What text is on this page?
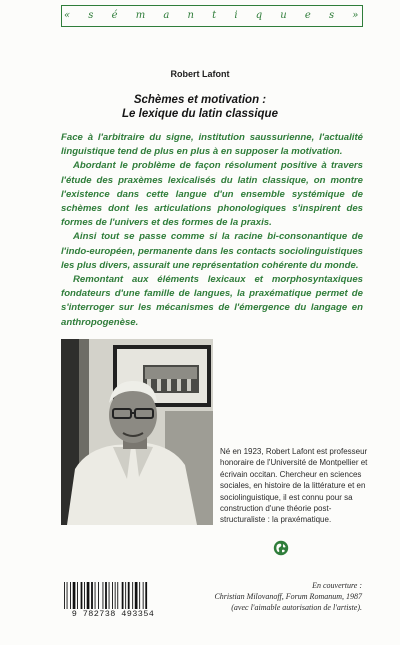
« s é m a n t i q u e s »
Robert Lafont
Schèmes et motivation :
Le lexique du latin classique

Face à l'arbitraire du signe, institution saussurienne, l'actualité linguistique tend de plus en plus à en supposer la motivation.

Abordant le problème de façon résolument positive à travers l'étude des praxèmes lexicalisés du latin classique, on montre l'existence dans cette langue d'un ensemble systémique de schèmes dont les articulations phonologiques s'inspirent des formes de l'univers et des formes de la praxis.

Ainsi tout se passe comme si la racine bi-consonantique de l'indo-européen, permanente dans les contacts sociolinguistiques les plus divers, assurait une représentation cohérente du monde.

Remontant aux éléments lexicaux et morphosyntaxiques fondateurs d'une famille de langues, la praxématique permet de s'interroger sur les mécanismes de l'émergence du langage en anthropogenèse.

Né en 1923, Robert Lafont est professeur honoraire de l'Université de Montpellier et écrivain occitan. Chercheur en sciences sociales, en histoire de la littérature et en sociolinguistique, il est connu pour sa construction d'une théorie post-structuraliste : la praxématique.
9 782738 493354
En couverture :
Christian Milovanoff, Forum Romanum, 1987
(avec l'aimable autorisation de l'artiste).
